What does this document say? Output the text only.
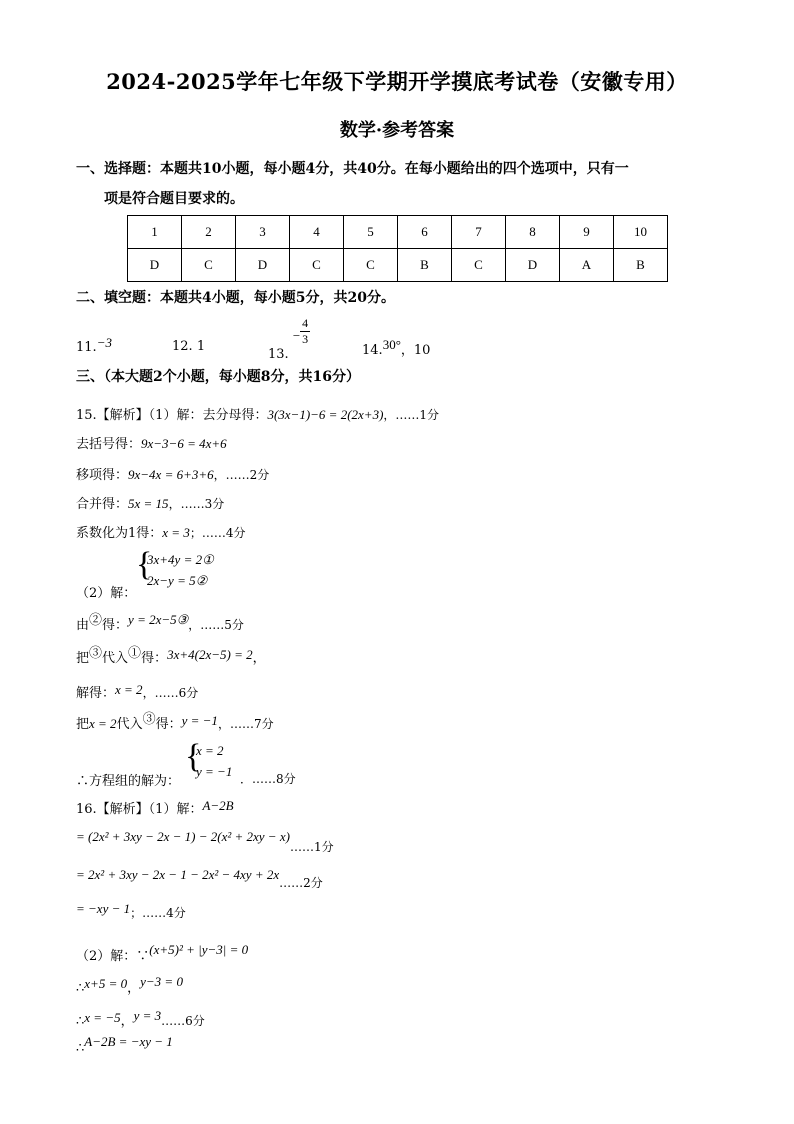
2024-2025学年七年级下学期开学摸底考试卷（安徽专用）
数学·参考答案
一、选择题：本题共10小题，每小题4分，共40分。在每小题给出的四个选项中，只有一
项是符合题目要求的。
1	2	3	4	5	6	7	8	9	10
D	C	D	C	C	B	C	D	A	B
二、填空题：本题共4小题，每小题5分，共20分。
11.−3	12. 1
13. − $\frac{4}{3}$
14.30°，10
三、（本大题2个小题，每小题8分，共16分）
15.【解析】（1）解：去分母得：3(3x−1)−6 = 2(2x+3)，……1分
去括号得：9x−3−6 = 4x+6
移项得：9x−4x = 6+3+6，……2分
合并得：5x = 15，……3分
系数化为1得：x = 3；……4分
{
3x+4y = 2①
2x−y = 5②
（2）解：
由②得：y = 2x−5③，……5分
把③代入①得：3x+4(2x−5) = 2，
解得：x = 2，……6分
把x = 2代入③得：y = −1，……7分
{
x = 2
y = −1
∴方程组的解为：	．……8分
16.【解析】（1）解：A−2B
= (2x² + 3xy − 2x − 1) − 2(x² + 2xy − x)……1分
= 2x² + 3xy − 2x − 1 − 2x² − 4xy + 2x……2分
= −xy − 1；……4分
（2）解：∵(x+5)² + |y−3| = 0
∴x+5 = 0，y−3 = 0
∴x = −5，y = 3……6分
∴A−2B = −xy − 1
